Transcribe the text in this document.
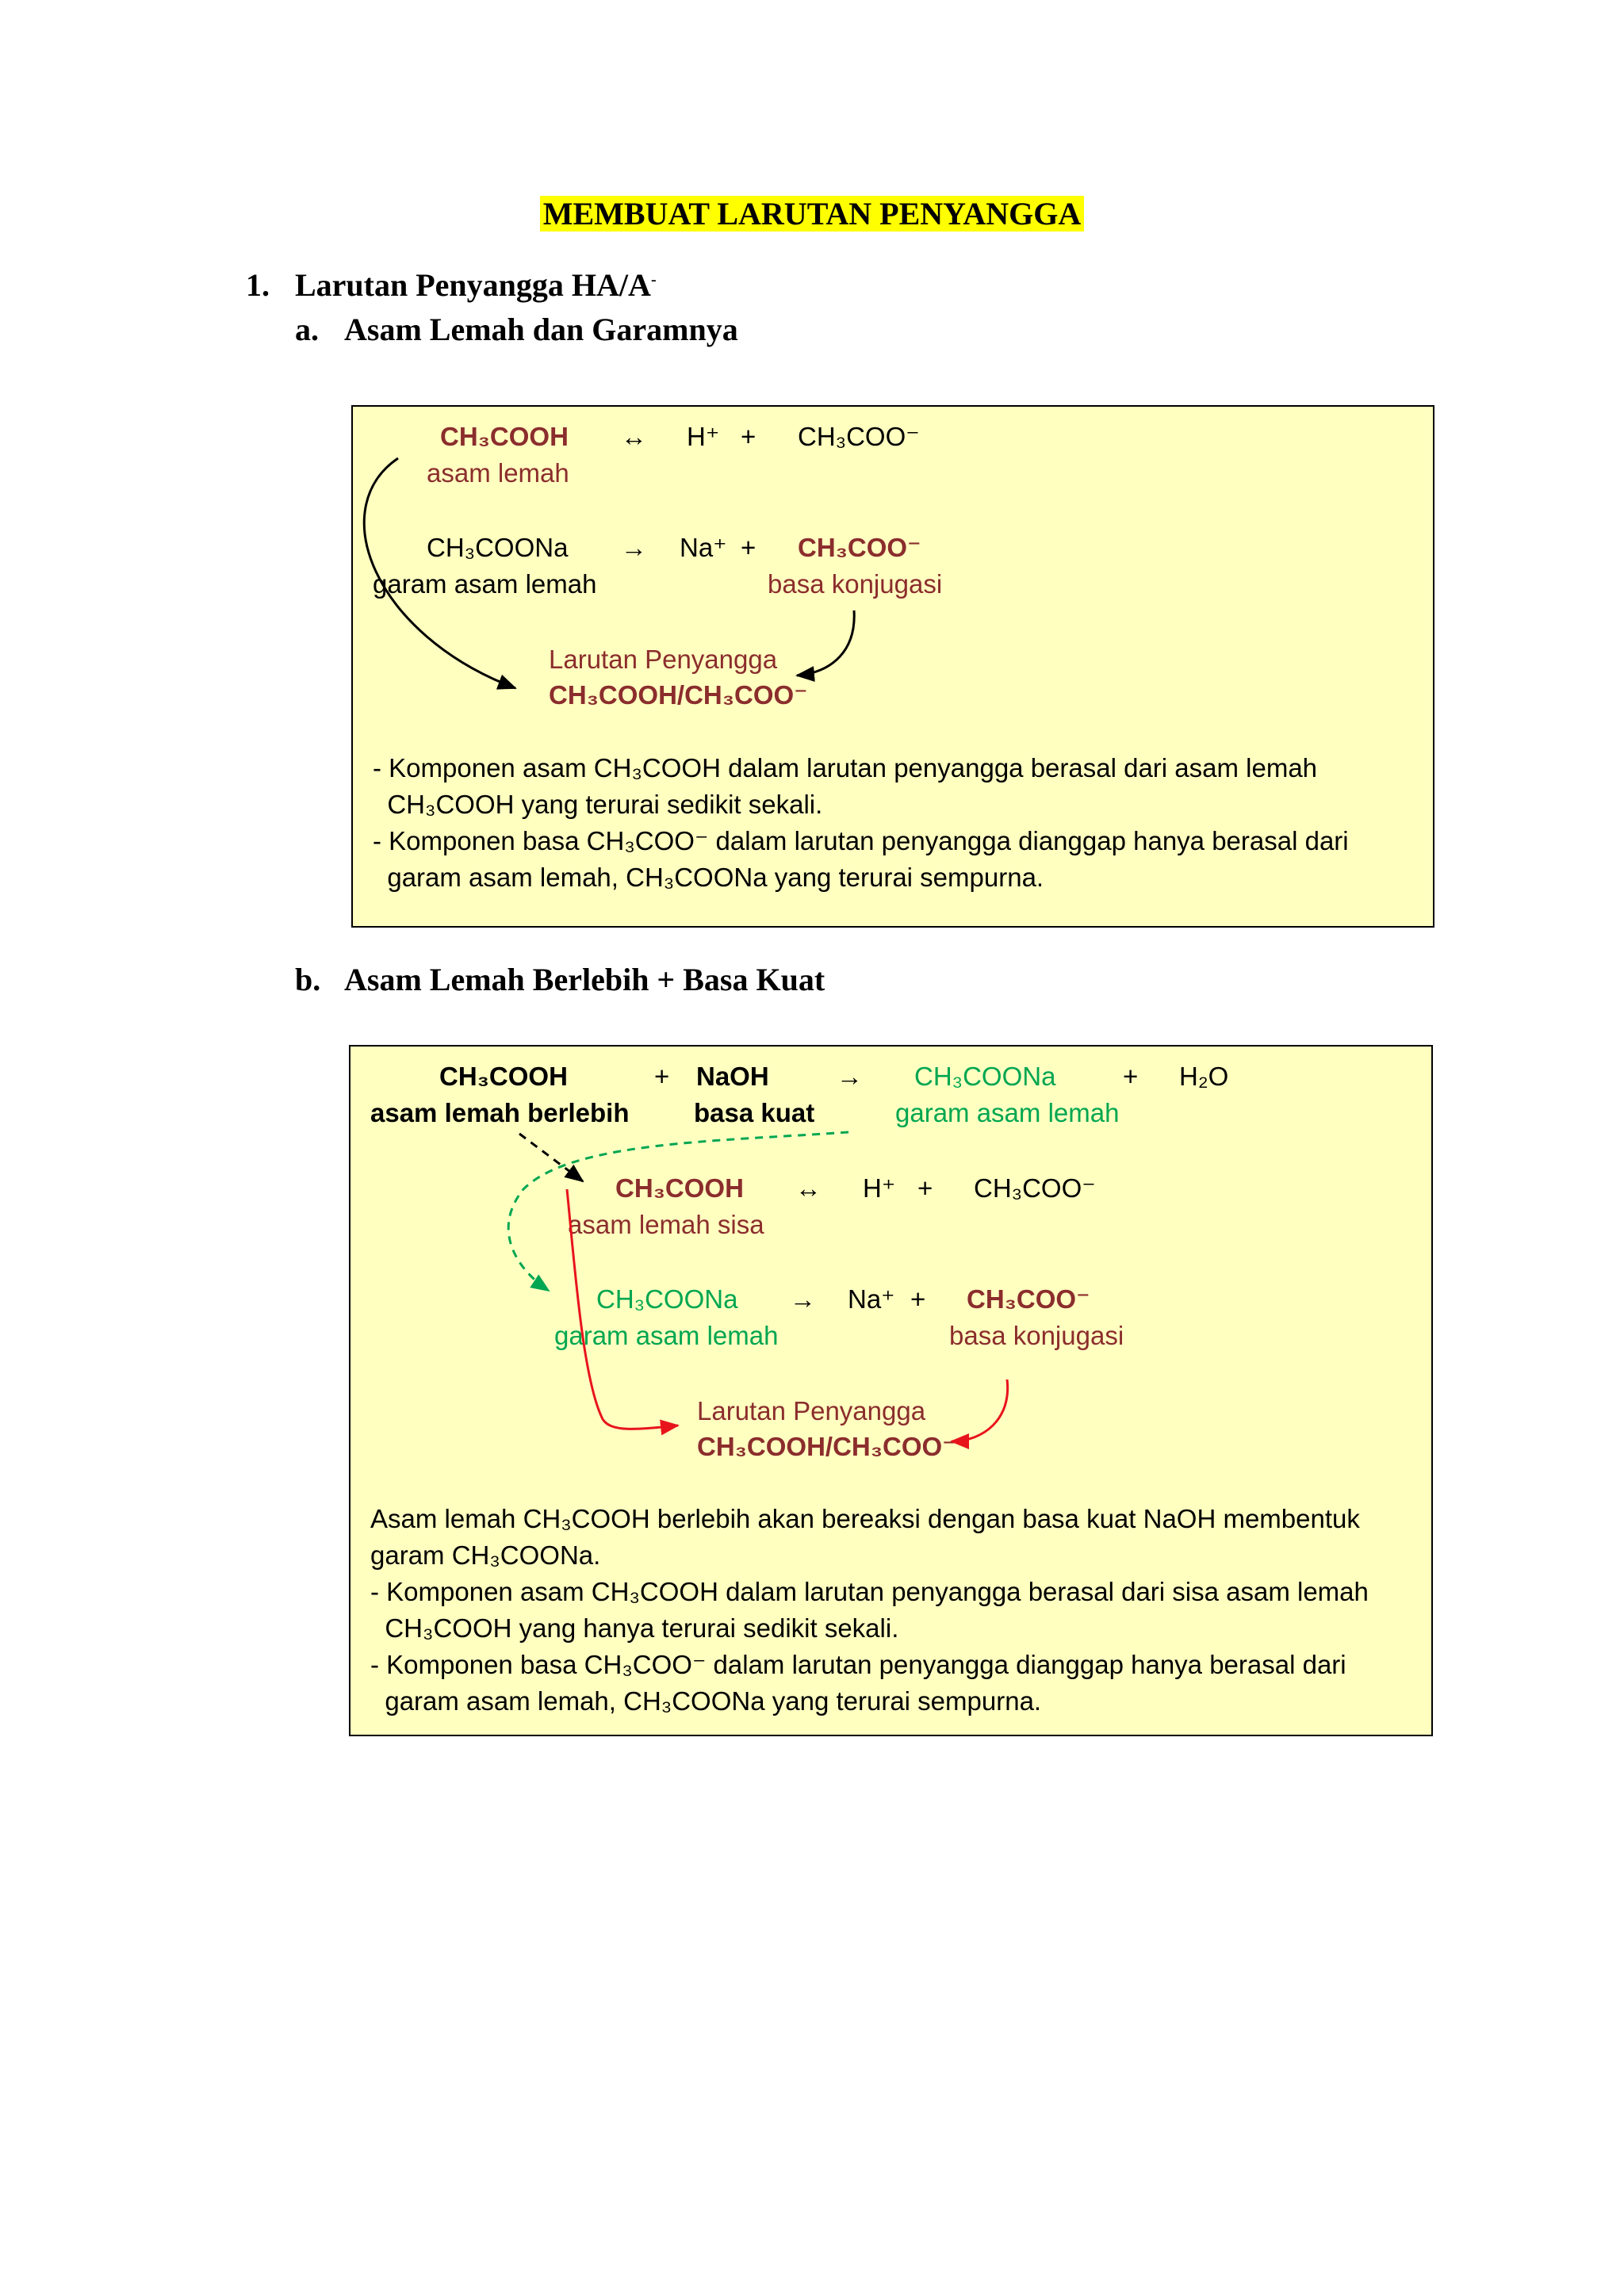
MEMBUAT LARUTAN PENYANGGA
1. Larutan Penyangga HA/A-
a. Asam Lemah dan Garamnya
CH₃COOH
asam lemah
↔ H⁺ + CH₃COO⁻
CH₃COONa
garam asam lemah
→ Na⁺ + CH₃COO⁻
basa konjugasi
Larutan Penyangga
CH₃COOH/CH₃COO⁻
- Komponen asam CH₃COOH dalam larutan penyangga berasal dari asam lemah
CH₃COOH yang terurai sedikit sekali.
- Komponen basa CH₃COO⁻ dalam larutan penyangga dianggap hanya berasal dari
garam asam lemah, CH₃COONa yang terurai sempurna.
b. Asam Lemah Berlebih + Basa Kuat
CH₃COOH
asam lemah berlebih
+ NaOH
basa kuat
→ CH₃COONa
garam asam lemah
+ H₂O
CH₃COOH
asam lemah sisa
↔ H⁺ + CH₃COO⁻
CH₃COONa
garam asam lemah
→ Na⁺ + CH₃COO⁻
basa konjugasi
Larutan Penyangga
CH₃COOH/CH₃COO⁻
Asam lemah CH₃COOH berlebih akan bereaksi dengan basa kuat NaOH membentuk
garam CH₃COONa.
- Komponen asam CH₃COOH dalam larutan penyangga berasal dari sisa asam lemah
CH₃COOH yang hanya terurai sedikit sekali.
- Komponen basa CH₃COO⁻ dalam larutan penyangga dianggap hanya berasal dari
garam asam lemah, CH₃COONa yang terurai sempurna.
